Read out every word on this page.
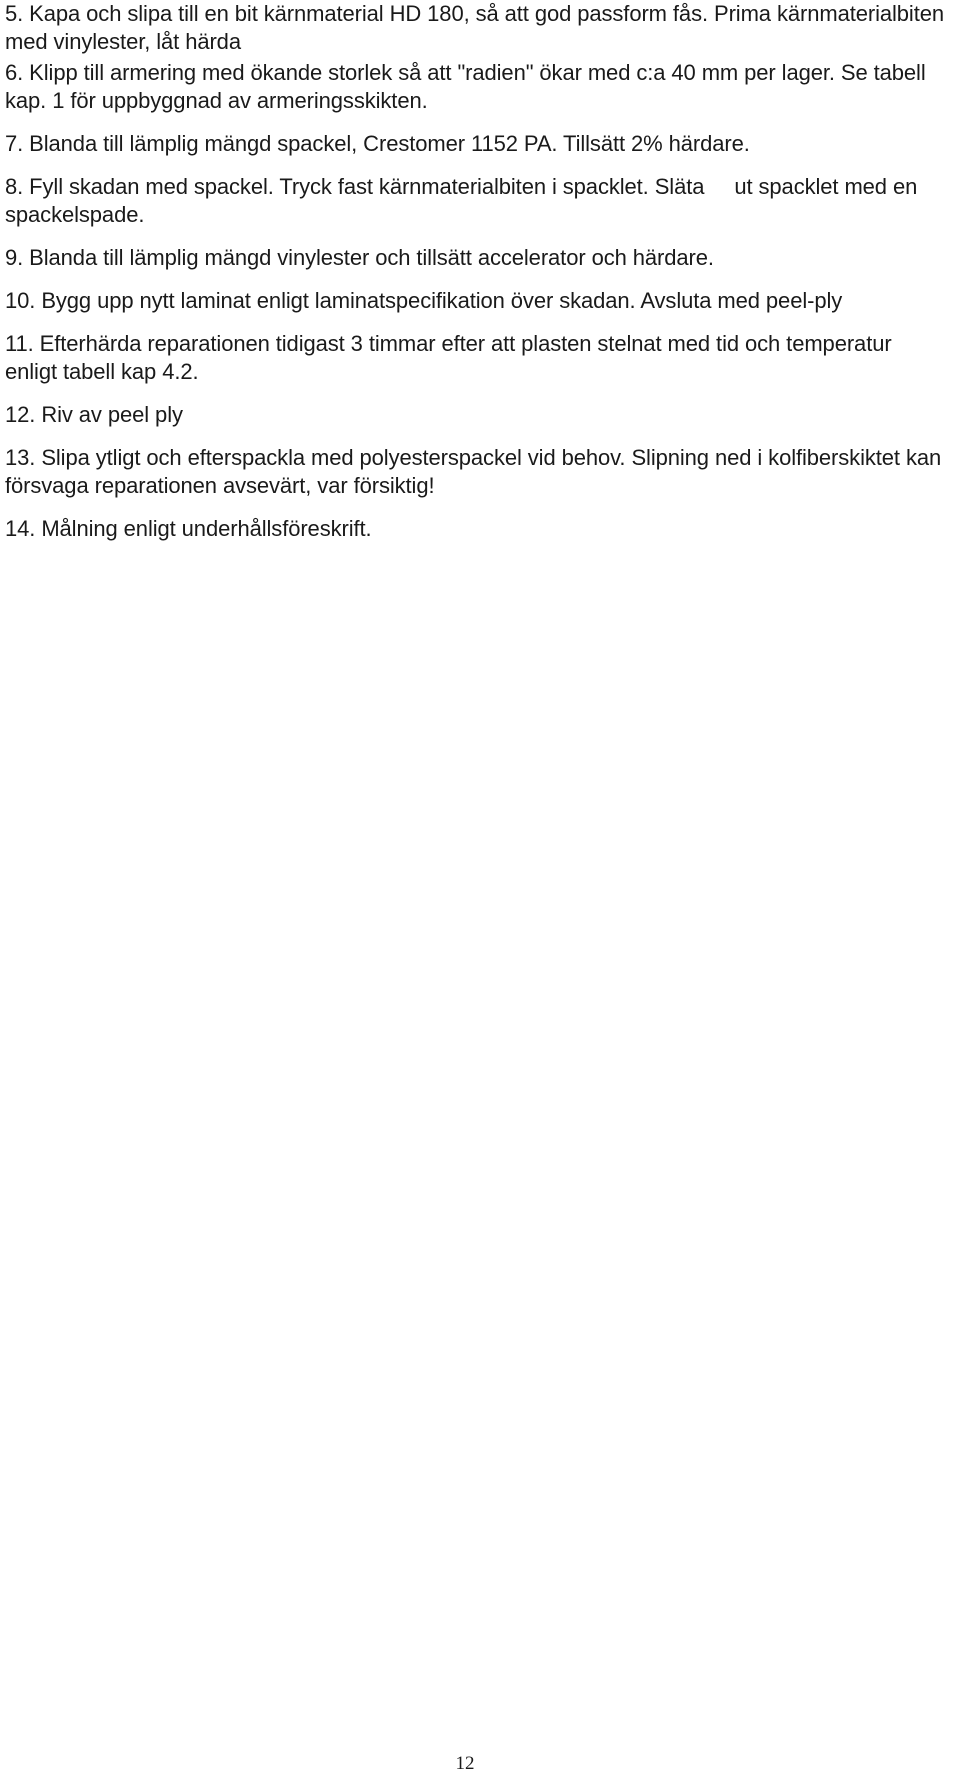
5. Kapa och slipa till en bit kärnmaterial HD 180, så att god passform fås. Prima kärnmaterialbiten med vinylester, låt härda

6. Klipp till armering med ökande storlek så att "radien" ökar med c:a 40 mm per lager. Se tabell kap. 1 för uppbyggnad av armeringsskikten.

7. Blanda till lämplig mängd spackel, Crestomer 1152 PA. Tillsätt 2% härdare.

8. Fyll skadan med spackel. Tryck fast kärnmaterialbiten i spacklet. Släta ut spacklet med en spackelspade.

9. Blanda till lämplig mängd vinylester och tillsätt accelerator och härdare.

10. Bygg upp nytt laminat enligt laminatspecifikation över skadan. Avsluta med peel-ply

11. Efterhärda reparationen tidigast 3 timmar efter att plasten stelnat med tid och temperatur enligt tabell kap 4.2.

12. Riv av peel ply

13. Slipa ytligt och efterspackla med polyesterspackel vid behov. Slipning ned i kolfiberskiktet kan försvaga reparationen avsevärt, var försiktig!

14. Målning enligt underhållsföreskrift.

12
